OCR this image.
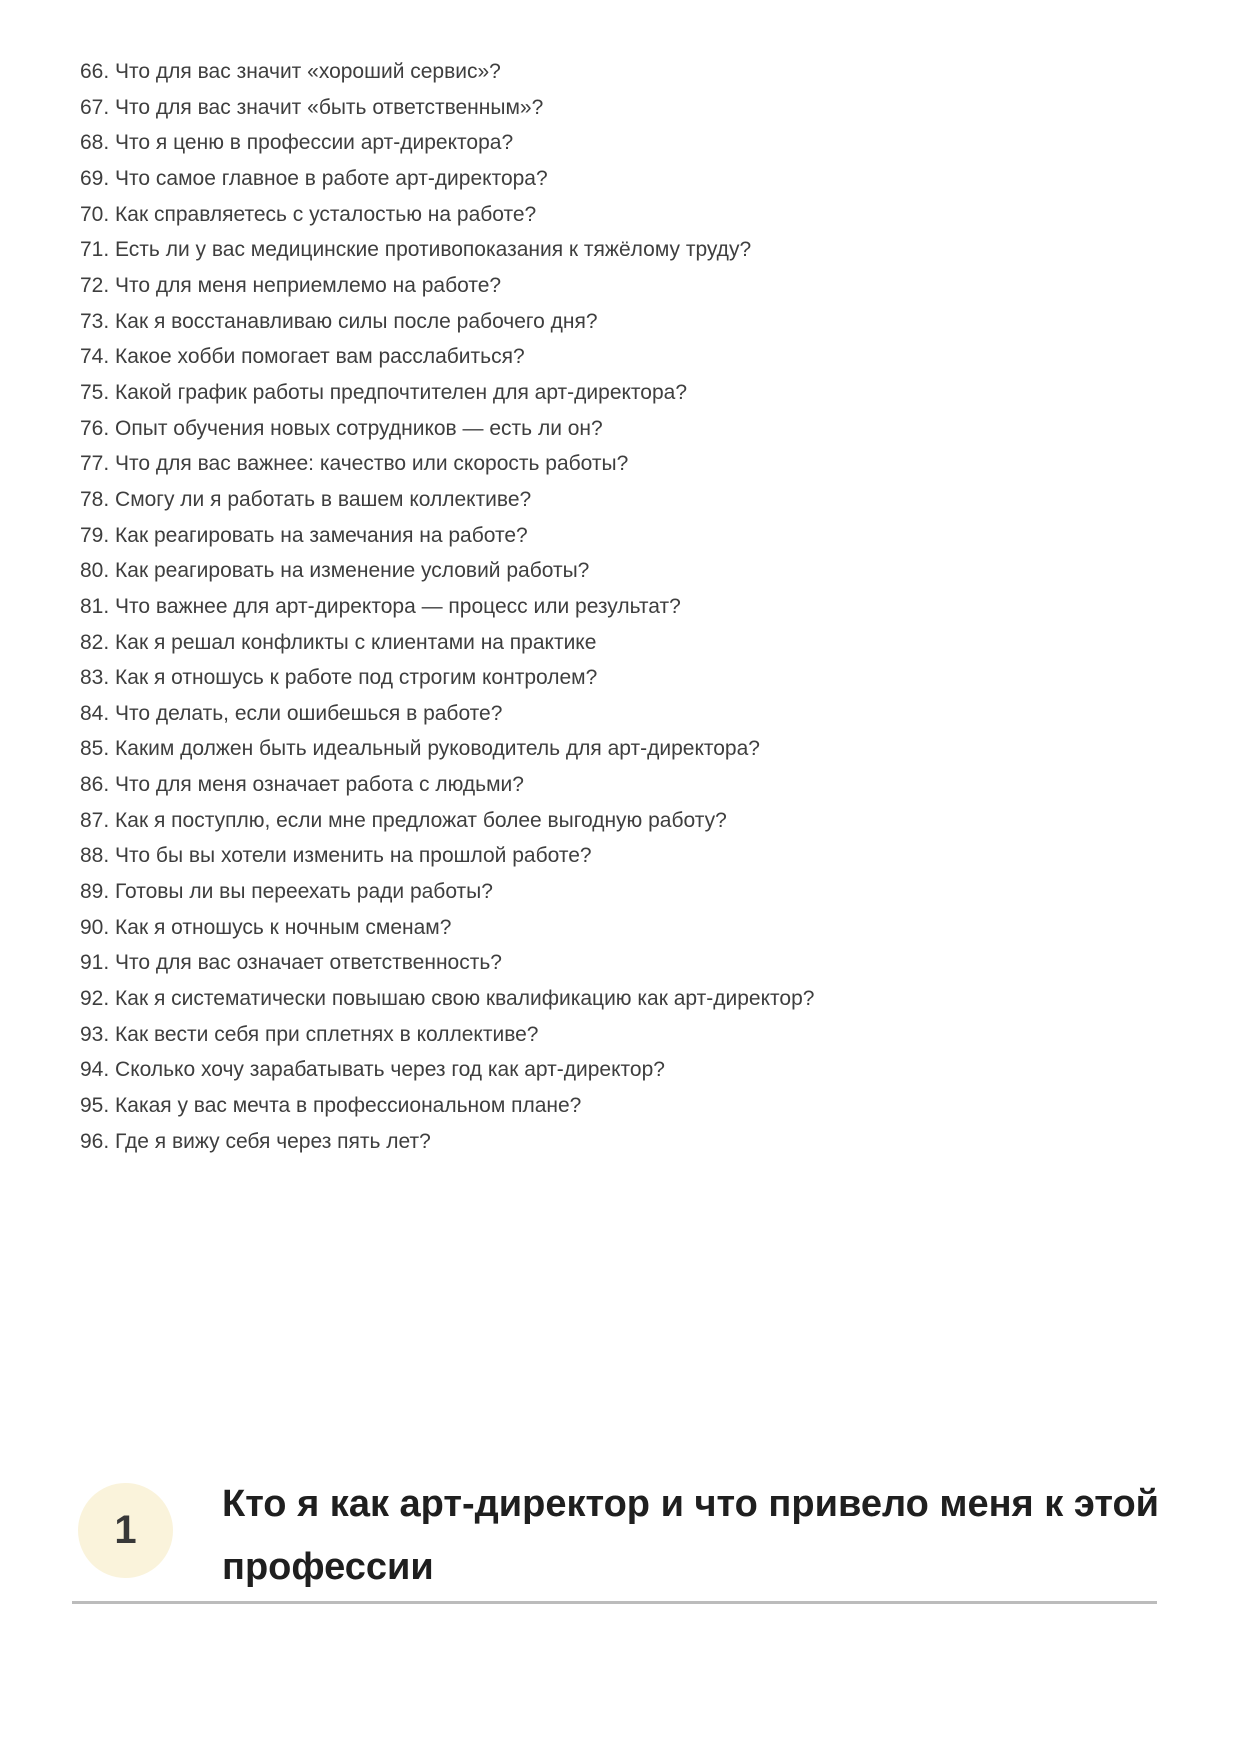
66. Что для вас значит «хороший сервис»?
67. Что для вас значит «быть ответственным»?
68. Что я ценю в профессии арт-директора?
69. Что самое главное в работе арт-директора?
70. Как справляетесь с усталостью на работе?
71. Есть ли у вас медицинские противопоказания к тяжёлому труду?
72. Что для меня неприемлемо на работе?
73. Как я восстанавливаю силы после рабочего дня?
74. Какое хобби помогает вам расслабиться?
75. Какой график работы предпочтителен для арт-директора?
76. Опыт обучения новых сотрудников — есть ли он?
77. Что для вас важнее: качество или скорость работы?
78. Смогу ли я работать в вашем коллективе?
79. Как реагировать на замечания на работе?
80. Как реагировать на изменение условий работы?
81. Что важнее для арт-директора — процесс или результат?
82. Как я решал конфликты с клиентами на практике
83. Как я отношусь к работе под строгим контролем?
84. Что делать, если ошибешься в работе?
85. Каким должен быть идеальный руководитель для арт-директора?
86. Что для меня означает работа с людьми?
87. Как я поступлю, если мне предложат более выгодную работу?
88. Что бы вы хотели изменить на прошлой работе?
89. Готовы ли вы переехать ради работы?
90. Как я отношусь к ночным сменам?
91. Что для вас означает ответственность?
92. Как я систематически повышаю свою квалификацию как арт-директор?
93. Как вести себя при сплетнях в коллективе?
94. Сколько хочу зарабатывать через год как арт-директор?
95. Какая у вас мечта в профессиональном плане?
96. Где я вижу себя через пять лет?
1
Кто я как арт-директор и что привело меня к этой
профессии
